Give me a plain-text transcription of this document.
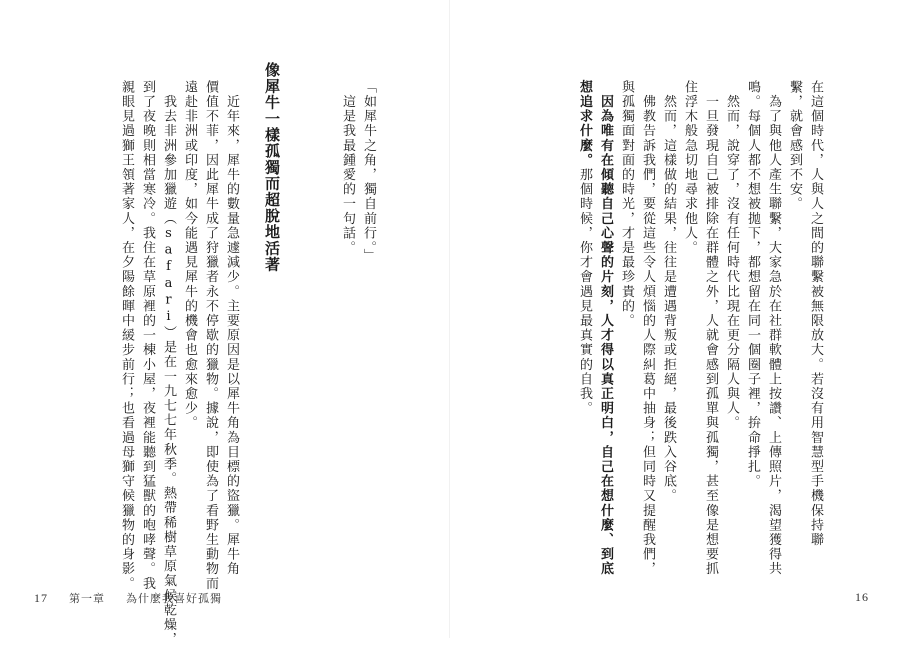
在這個時代，人與人之間的聯繫被無限放大。若沒有用智慧型手機保持聯
繫，就會感到不安。
　為了與他人產生聯繫，大家急於在社群軟體上按讚、上傳照片，渴望獲得共
鳴。每個人都不想被拋下，都想留在同一個圈子裡，拚命掙扎。
　然而，說穿了，沒有任何時代比現在更分隔人與人。
　一旦發現自己被排除在群體之外，人就會感到孤單與孤獨，甚至像是想要抓
住浮木般急切地尋求他人。
　然而，這樣做的結果，往往是遭遇背叛或拒絕，最後跌入谷底。
　佛教告訴我們，要從這些令人煩惱的人際糾葛中抽身；但同時又提醒我們，
與孤獨面對面的時光，才是最珍貴的。
　因為唯有在傾聽自己心聲的片刻，人才得以真正明白，自己在想什麼、到底
想追求什麼。那個時候，你才會遇見最真實的自我。
16
「如犀牛之角，獨自前行。」
　這是我最鍾愛的一句話。
像犀牛一樣孤獨而超脫地活著
　近年來，犀牛的數量急遽減少。主要原因是以犀牛角為目標的盜獵。犀牛角
價值不菲，因此犀牛成了狩獵者永不停歇的獵物。據說，即使為了看野生動物而
遠赴非洲或印度，如今能遇見犀牛的機會也愈來愈少。
　我去非洲參加獵遊（safari）是在一九七七年秋季。熱帶稀樹草原氣候乾燥，
到了夜晚則相當寒冷。我住在草原裡的一棟小屋，夜裡能聽到猛獸的咆哮聲。我
親眼見過獅王領著家人，在夕陽餘暉中緩步前行；也看過母獅守候獵物的身影。
17 第一章 為什麼我喜好孤獨
